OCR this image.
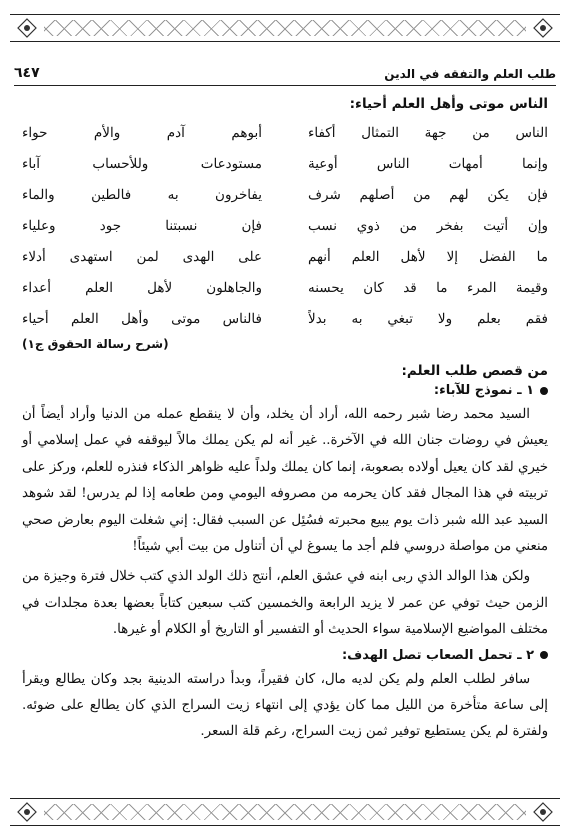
٦٤٧	طلب العلم والتفقه في الدين
الناس موتى وأهل العلم أحياء:
الناس من جهة التمثال أكفاء
أبوهم آدم والأم حواء
وإنما أمهات الناس أوعية
مستودعات وللأحساب آباء
فإن يكن لهم من أصلهم شرف
يفاخرون به فالطين والماء
وإن أتيت بفخر من ذوي نسب
فإن نسبتنا جود وعلياء
ما الفضل إلا لأهل العلم أنهم
على الهدى لمن استهدى أدلاء
وقيمة المرء ما قد كان يحسنه
والجاهلون لأهل العلم أعداء
فقم بعلم ولا تبغي به بدلاً
فالناس موتى وأهل العلم أحياء
(شرح رسالة الحقوق ج١)
من قصص طلب العلم:
١ ـ نموذج للآباء:

السيد محمد رضا شبر رحمه الله، أراد أن يخلد، وأن لا ينقطع عمله من الدنيا وأراد أيضاً أن يعيش في روضات جنان الله في الآخرة.. غير أنه لم يكن يملك مالاً ليوقفه في عمل إسلامي أو خيري لقد كان يعيل أولاده بصعوبة، إنما كان يملك ولداً عليه ظواهر الذكاء فنذره للعلم، وركز على تربيته في هذا المجال فقد كان يحرمه من مصروفه اليومي ومن طعامه إذا لم يدرس! لقد شوهد السيد عبد الله شبر ذات يوم يبيع محبرته فسُئِل عن السبب فقال: إني شغلت اليوم بعارض صحي منعني من مواصلة دروسي فلم أجد ما يسوغ لي أن أتناول من بيت أبي شيئاً!

ولكن هذا الوالد الذي ربى ابنه في عشق العلم، أنتج ذلك الولد الذي كتب خلال فترة وجيزة من الزمن حيث توفي عن عمر لا يزيد الرابعة والخمسين كتب سبعين كتاباً بعضها بعدة مجلدات في مختلف المواضيع الإسلامية سواء الحديث أو التفسير أو التاريخ أو الكلام أو غيرها.

٢ ـ تحمل الصعاب تصل الهدف:

سافر لطلب العلم ولم يكن لديه مال، كان فقيراً، وبدأ دراسته الدينية بجد وكان يطالع ويقرأ إلى ساعة متأخرة من الليل مما كان يؤدي إلى انتهاء زيت السراج الذي كان يطالع على ضوئه. ولفترة لم يكن يستطيع توفير ثمن زيت السراج، رغم قلة السعر.
